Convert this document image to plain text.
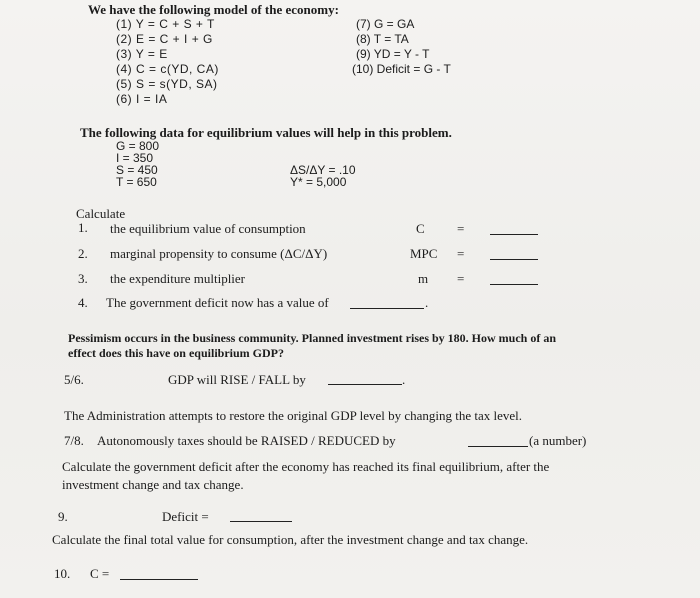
We have the following model of the economy:
(1) Y = C + S + T
(2) E = C + I + G
(3) Y = E
(4) C = c(YD, CA)
(5) S = s(YD, SA)
(6) I = IA
(7) G = GA
(8) T = TA
(9) YD = Y - T
(10) Deficit = G - T
The following data for equilibrium values will help in this problem.
G = 800
I = 350
S = 450
T = 650
ΔS/ΔY = .10
Y* = 5,000
Calculate
1. the equilibrium value of consumption	C =
2. marginal propensity to consume (ΔC/ΔY)	MPC =
3. the expenditure multiplier	m =
4. The government deficit now has a value of	.
Pessimism occurs in the business community. Planned investment rises by 180. How much of an
effect does this have on equilibrium GDP?
5/6.	GDP will RISE / FALL by	.
The Administration attempts to restore the original GDP level by changing the tax level.
7/8. Autonomously taxes should be RAISED / REDUCED by	(a number)
Calculate the government deficit after the economy has reached its final equilibrium, after the
investment change and tax change.
9.	Deficit =
Calculate the final total value for consumption, after the investment change and tax change.
10. C =
